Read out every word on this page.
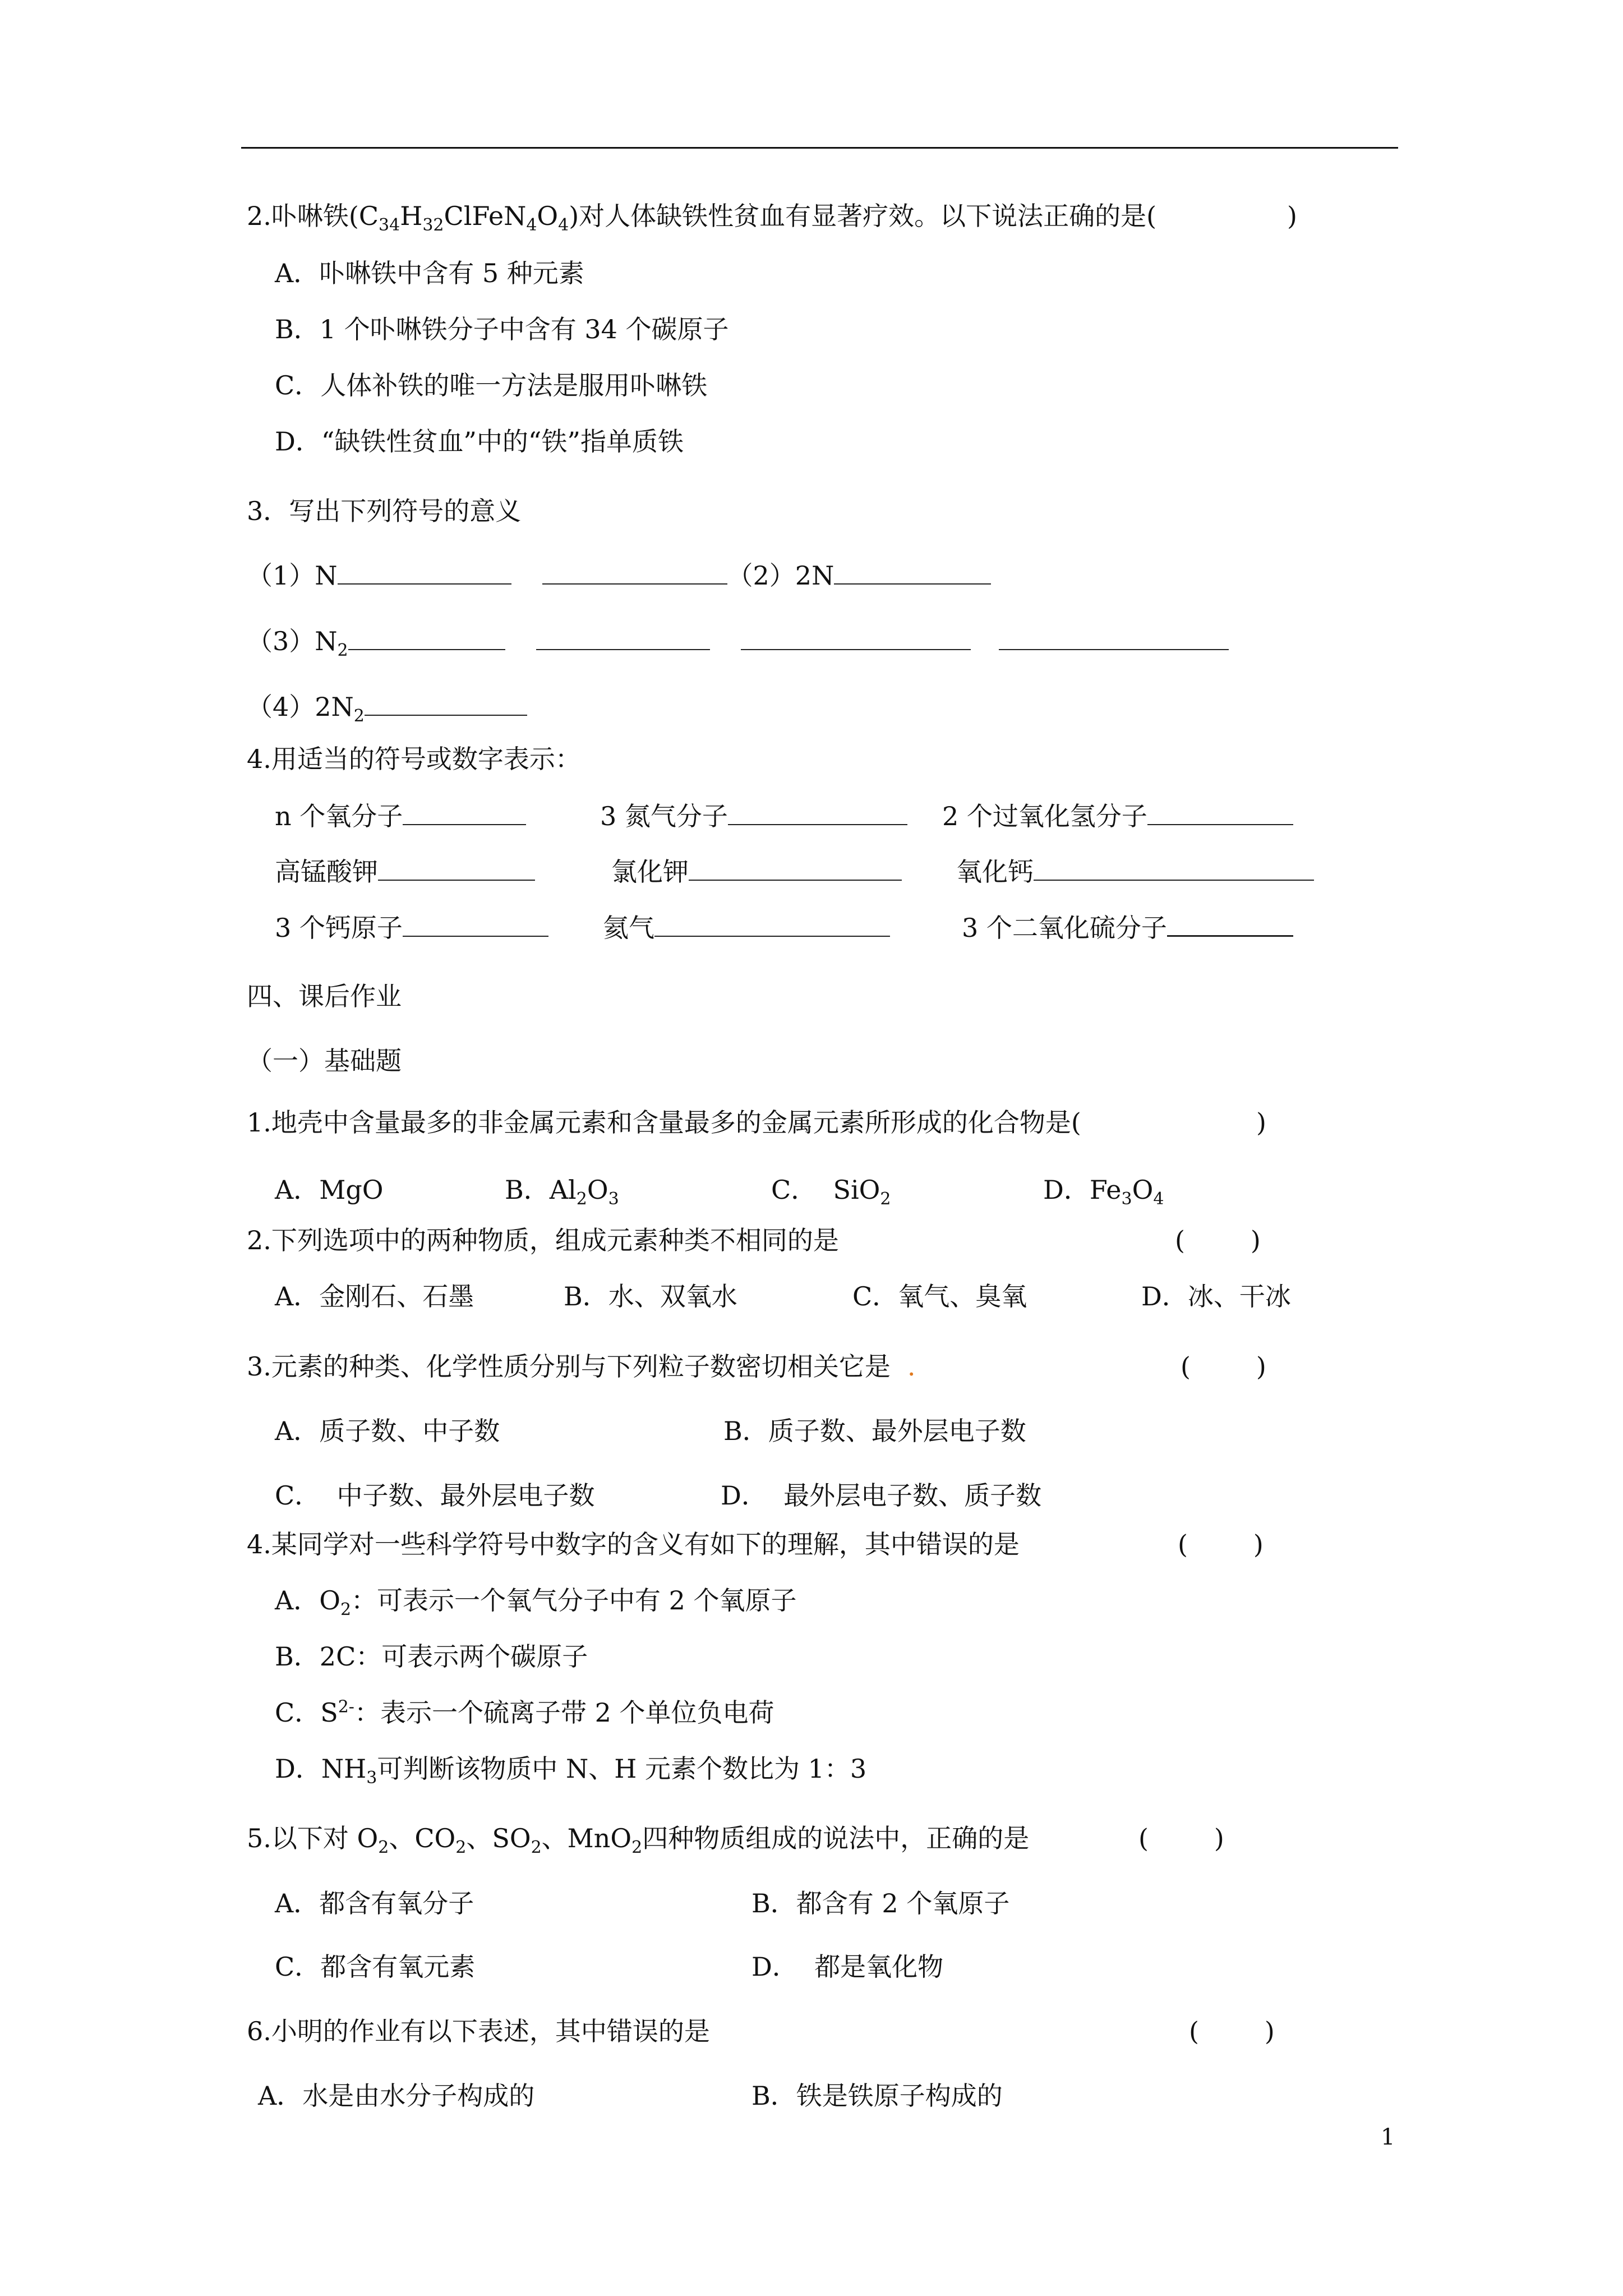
2.卟啉铁$(C_{34}H_{32}ClFeN_4O_4)$对人体缺铁性贫血有显著疗效。以下说法正确的是(	)
A．卟啉铁中含有 5 种元素
B．1 个卟啉铁分子中含有 34 个碳原子
C．人体补铁的唯一方法是服用卟啉铁
D．“缺铁性贫血”中的“铁”指单质铁
3．写出下列符号的意义
（1）N	（2）2N
$(3)N_2$
$(4)2N_2$
4.用适当的符号或数字表示：
n 个氧分子	3 氮气分子	2 个过氧化氢分子
高锰酸钾	氯化钾	氧化钙
3 个钙原子	氦气	3 个二氧化硫分子
四、课后作业
（一）基础题
1.地壳中含量最多的非金属元素和含量最多的金属元素所形成的化合物是(	)
A．MgO	B．$Al_2O_3$	C．  SiO$_2$	D．$Fe_3O_4$
2.下列选项中的两种物质，组成元素种类不相同的是	(        )
A．金刚石、石墨	B．水、双氧水	C．氧气、臭氧	D．冰、干冰
3.元素的种类、化学性质分别与下列粒子数密切相关它是 .	(        )
A．质子数、中子数	B．质子数、最外层电子数
C．  中子数、最外层电子数	D．  最外层电子数、质子数
4.某同学对一些科学符号中数字的含义有如下的理解，其中错误的是	(        )
A．$O_2$：可表示一个氧气分子中有 2 个氧原子
B．2C：可表示两个碳原子
C．$S^{2-}$：表示一个硫离子带 2 个单位负电荷
D．$NH_3$可判断该物质中 N、H 元素个数比为 1：3
5.以下对 $O_2$、$CO_2$、$SO_2$、MnO$_2$四种物质组成的说法中，正确的是	(        )
A．都含有氧分子	B．都含有 2 个氧原子
C．都含有氧元素	D．  都是氧化物
6.小明的作业有以下表述，其中错误的是	(        )
A．水是由水分子构成的	B．铁是铁原子构成的
1
